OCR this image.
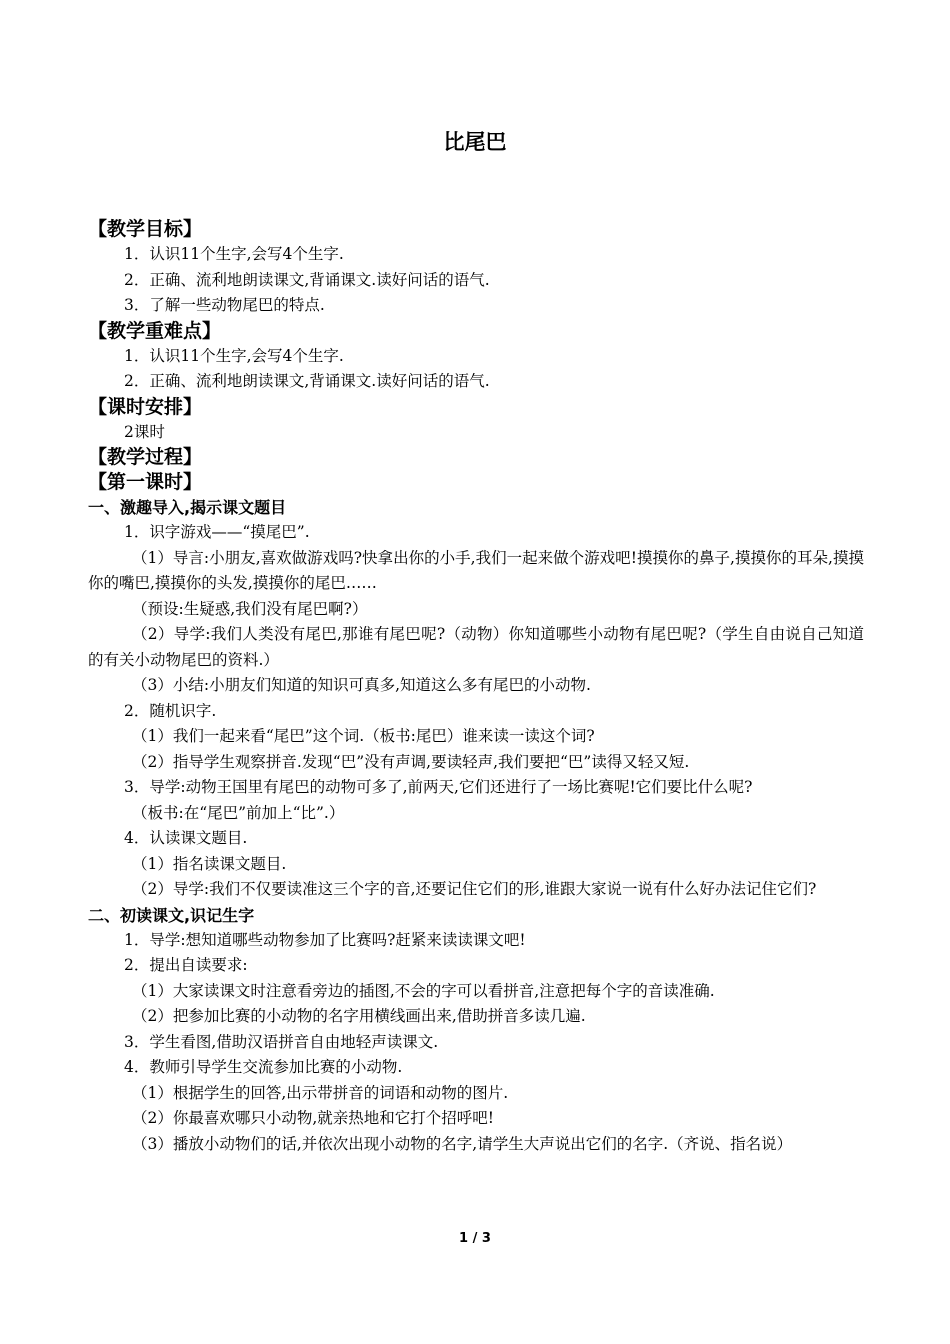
比尾巴
【教学目标】

1．认识11个生字,会写4个生字.

2．正确、流利地朗读课文,背诵课文.读好问话的语气.

3．了解一些动物尾巴的特点.

【教学重难点】

1．认识11个生字,会写4个生字.

2．正确、流利地朗读课文,背诵课文.读好问话的语气.

【课时安排】

2课时

【教学过程】
【第一课时】
一、激趣导入,揭示课文题目

1．识字游戏——“摸尾巴”.

（1）导言:小朋友,喜欢做游戏吗?快拿出你的小手,我们一起来做个游戏吧!摸摸你的鼻子,摸摸你的耳朵,摸摸你的嘴巴,摸摸你的头发,摸摸你的尾巴……

（预设:生疑惑,我们没有尾巴啊?）

（2）导学:我们人类没有尾巴,那谁有尾巴呢?（动物）你知道哪些小动物有尾巴呢?（学生自由说自己知道的有关小动物尾巴的资料.）

（3）小结:小朋友们知道的知识可真多,知道这么多有尾巴的小动物.

2．随机识字.

（1）我们一起来看“尾巴”这个词.（板书:尾巴）谁来读一读这个词?

（2）指导学生观察拼音.发现“巴”没有声调,要读轻声,我们要把“巴”读得又轻又短.

3．导学:动物王国里有尾巴的动物可多了,前两天,它们还进行了一场比赛呢!它们要比什么呢?

（板书:在“尾巴”前加上“比”.）

4．认读课文题目.

（1）指名读课文题目.

（2）导学:我们不仅要读准这三个字的音,还要记住它们的形,谁跟大家说一说有什么好办法记住它们?

二、初读课文,识记生字

1．导学:想知道哪些动物参加了比赛吗?赶紧来读读课文吧!

2．提出自读要求:

（1）大家读课文时注意看旁边的插图,不会的字可以看拼音,注意把每个字的音读准确.

（2）把参加比赛的小动物的名字用横线画出来,借助拼音多读几遍.

3．学生看图,借助汉语拼音自由地轻声读课文.

4．教师引导学生交流参加比赛的小动物.

（1）根据学生的回答,出示带拼音的词语和动物的图片.

（2）你最喜欢哪只小动物,就亲热地和它打个招呼吧!

（3）播放小动物们的话,并依次出现小动物的名字,请学生大声说出它们的名字.（齐说、指名说）

1 / 3
